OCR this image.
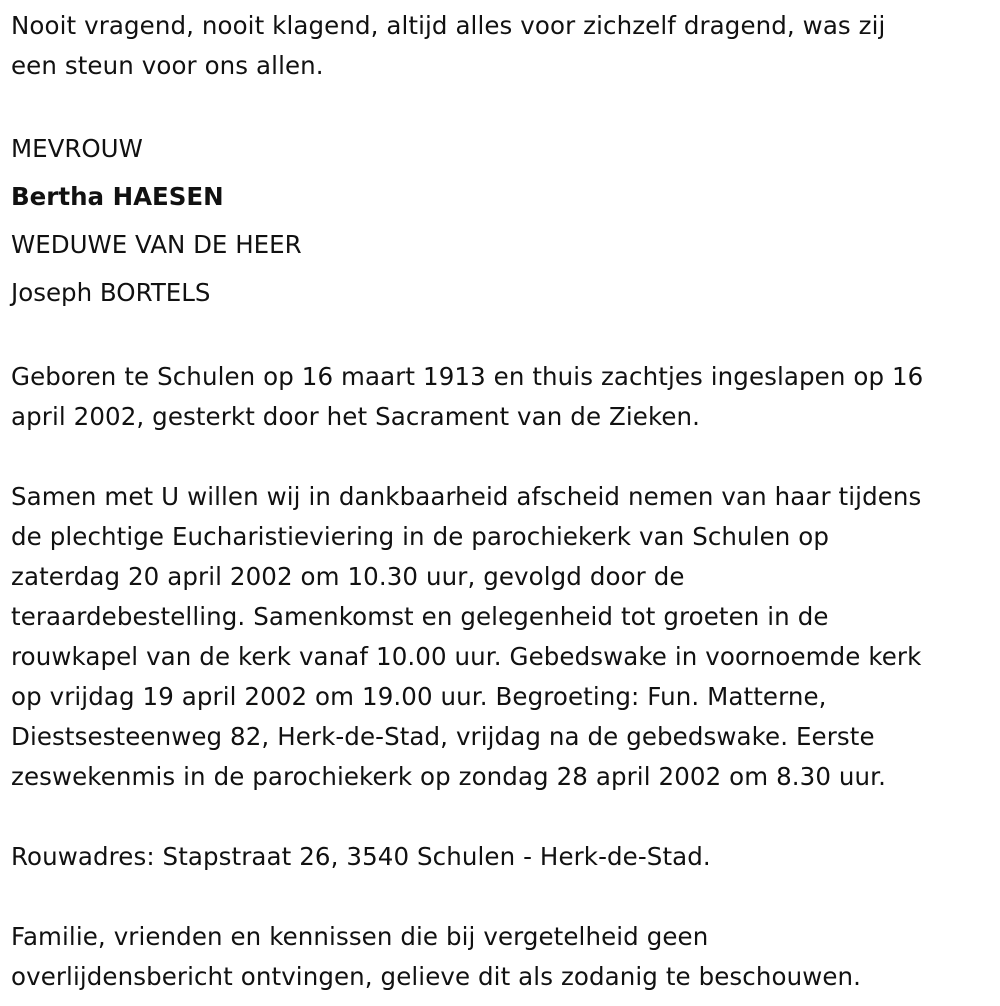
Nooit vragend, nooit klagend, altijd alles voor zichzelf dragend, was zij

een steun voor ons allen.

MEVROUW

Bertha HAESEN

WEDUWE VAN DE HEER

Joseph BORTELS

Geboren te Schulen op 16 maart 1913 en thuis zachtjes ingeslapen op 16

april 2002, gesterkt door het Sacrament van de Zieken.

Samen met U willen wij in dankbaarheid afscheid nemen van haar tijdens

de plechtige Eucharistieviering in de parochiekerk van Schulen op

zaterdag 20 april 2002 om 10.30 uur, gevolgd door de

teraardebestelling. Samenkomst en gelegenheid tot groeten in de

rouwkapel van de kerk vanaf 10.00 uur. Gebedswake in voornoemde kerk

op vrijdag 19 april 2002 om 19.00 uur. Begroeting: Fun. Matterne,

Diestsesteenweg 82, Herk-de-Stad, vrijdag na de gebedswake. Eerste

zeswekenmis in de parochiekerk op zondag 28 april 2002 om 8.30 uur.

Rouwadres: Stapstraat 26, 3540 Schulen - Herk-de-Stad.

Familie, vrienden en kennissen die bij vergetelheid geen

overlijdensbericht ontvingen, gelieve dit als zodanig te beschouwen.
